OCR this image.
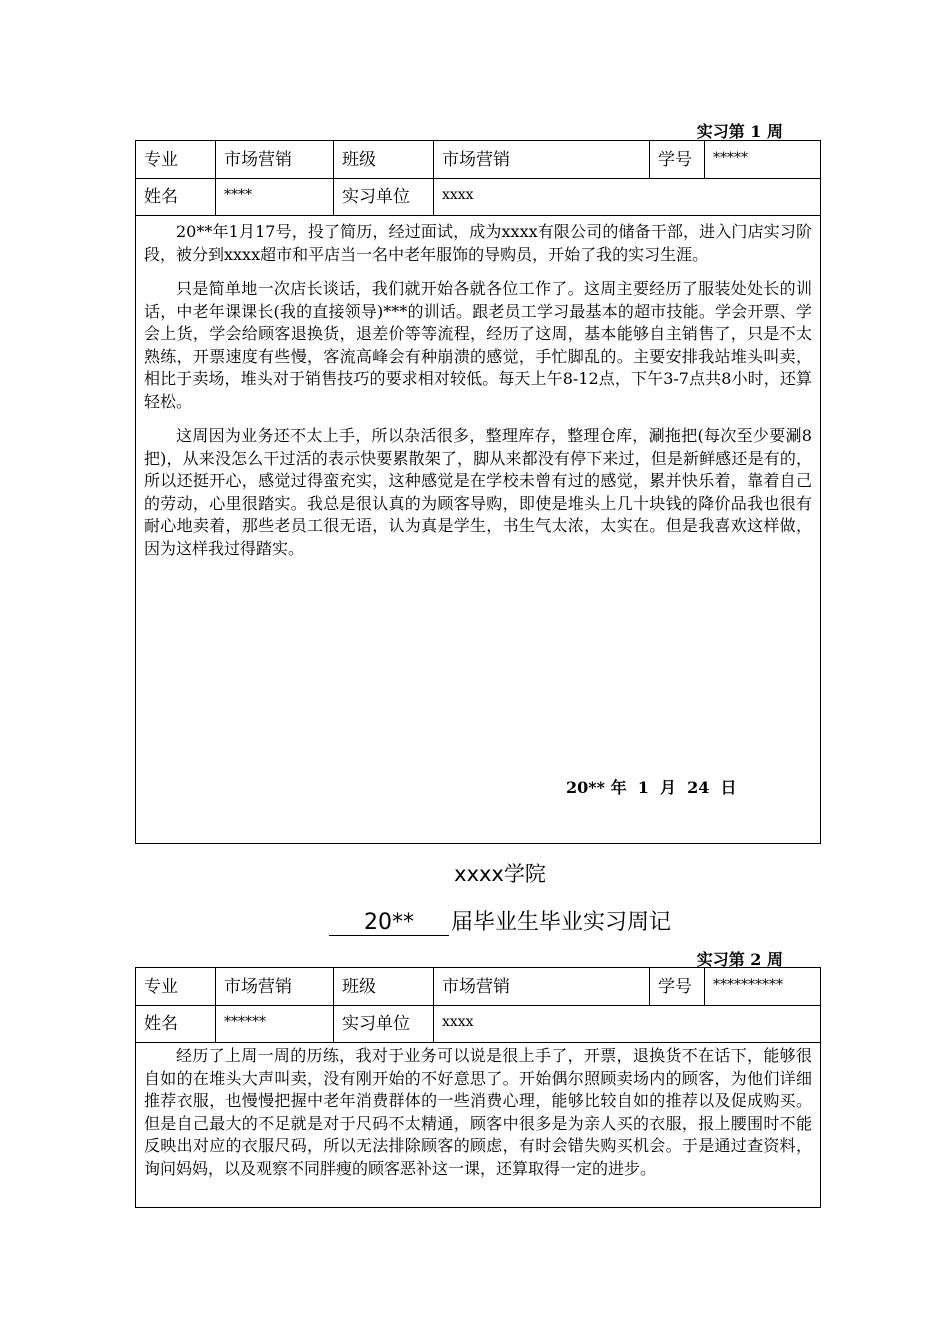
实习第 1 周
专业	市场营销	班级	市场营销	学号	*****
姓名	****	实习单位	xxxx

20**年1月17号，投了简历，经过面试，成为xxxx有限公司的储备干部，进入门店实习阶段，被分到xxxx超市和平店当一名中老年服饰的导购员，开始了我的实习生涯。

只是简单地一次店长谈话，我们就开始各就各位工作了。这周主要经历了服装处处长的训话，中老年课课长(我的直接领导)***的训话。跟老员工学习最基本的超市技能。学会开票、学会上货，学会给顾客退换货，退差价等等流程，经历了这周，基本能够自主销售了，只是不太熟练，开票速度有些慢，客流高峰会有种崩溃的感觉，手忙脚乱的。主要安排我站堆头叫卖，相比于卖场，堆头对于销售技巧的要求相对较低。每天上午8-12点，下午3-7点共8小时，还算轻松。

这周因为业务还不太上手，所以杂活很多，整理库存，整理仓库，涮拖把(每次至少要涮8把)，从来没怎么干过活的表示快要累散架了，脚从来都没有停下来过，但是新鲜感还是有的，所以还挺开心，感觉过得蛮充实，这种感觉是在学校未曾有过的感觉，累并快乐着，靠着自己的劳动，心里很踏实。我总是很认真的为顾客导购，即使是堆头上几十块钱的降价品我也很有耐心地卖着，那些老员工很无语，认为真是学生，书生气太浓，太实在。但是我喜欢这样做，因为这样我过得踏实。

20** 年  1  月  24  日
xxxx学院
20** 届毕业生毕业实习周记
实习第 2 周
专业	市场营销	班级	市场营销	学号	**********
姓名	******	实习单位	xxxx

经历了上周一周的历练，我对于业务可以说是很上手了，开票，退换货不在话下，能够很自如的在堆头大声叫卖，没有刚开始的不好意思了。开始偶尔照顾卖场内的顾客，为他们详细推荐衣服，也慢慢把握中老年消费群体的一些消费心理，能够比较自如的推荐以及促成购买。但是自己最大的不足就是对于尺码不太精通，顾客中很多是为亲人买的衣服，报上腰围时不能反映出对应的衣服尺码，所以无法排除顾客的顾虑，有时会错失购买机会。于是通过查资料，询问妈妈，以及观察不同胖瘦的顾客恶补这一课，还算取得一定的进步。
